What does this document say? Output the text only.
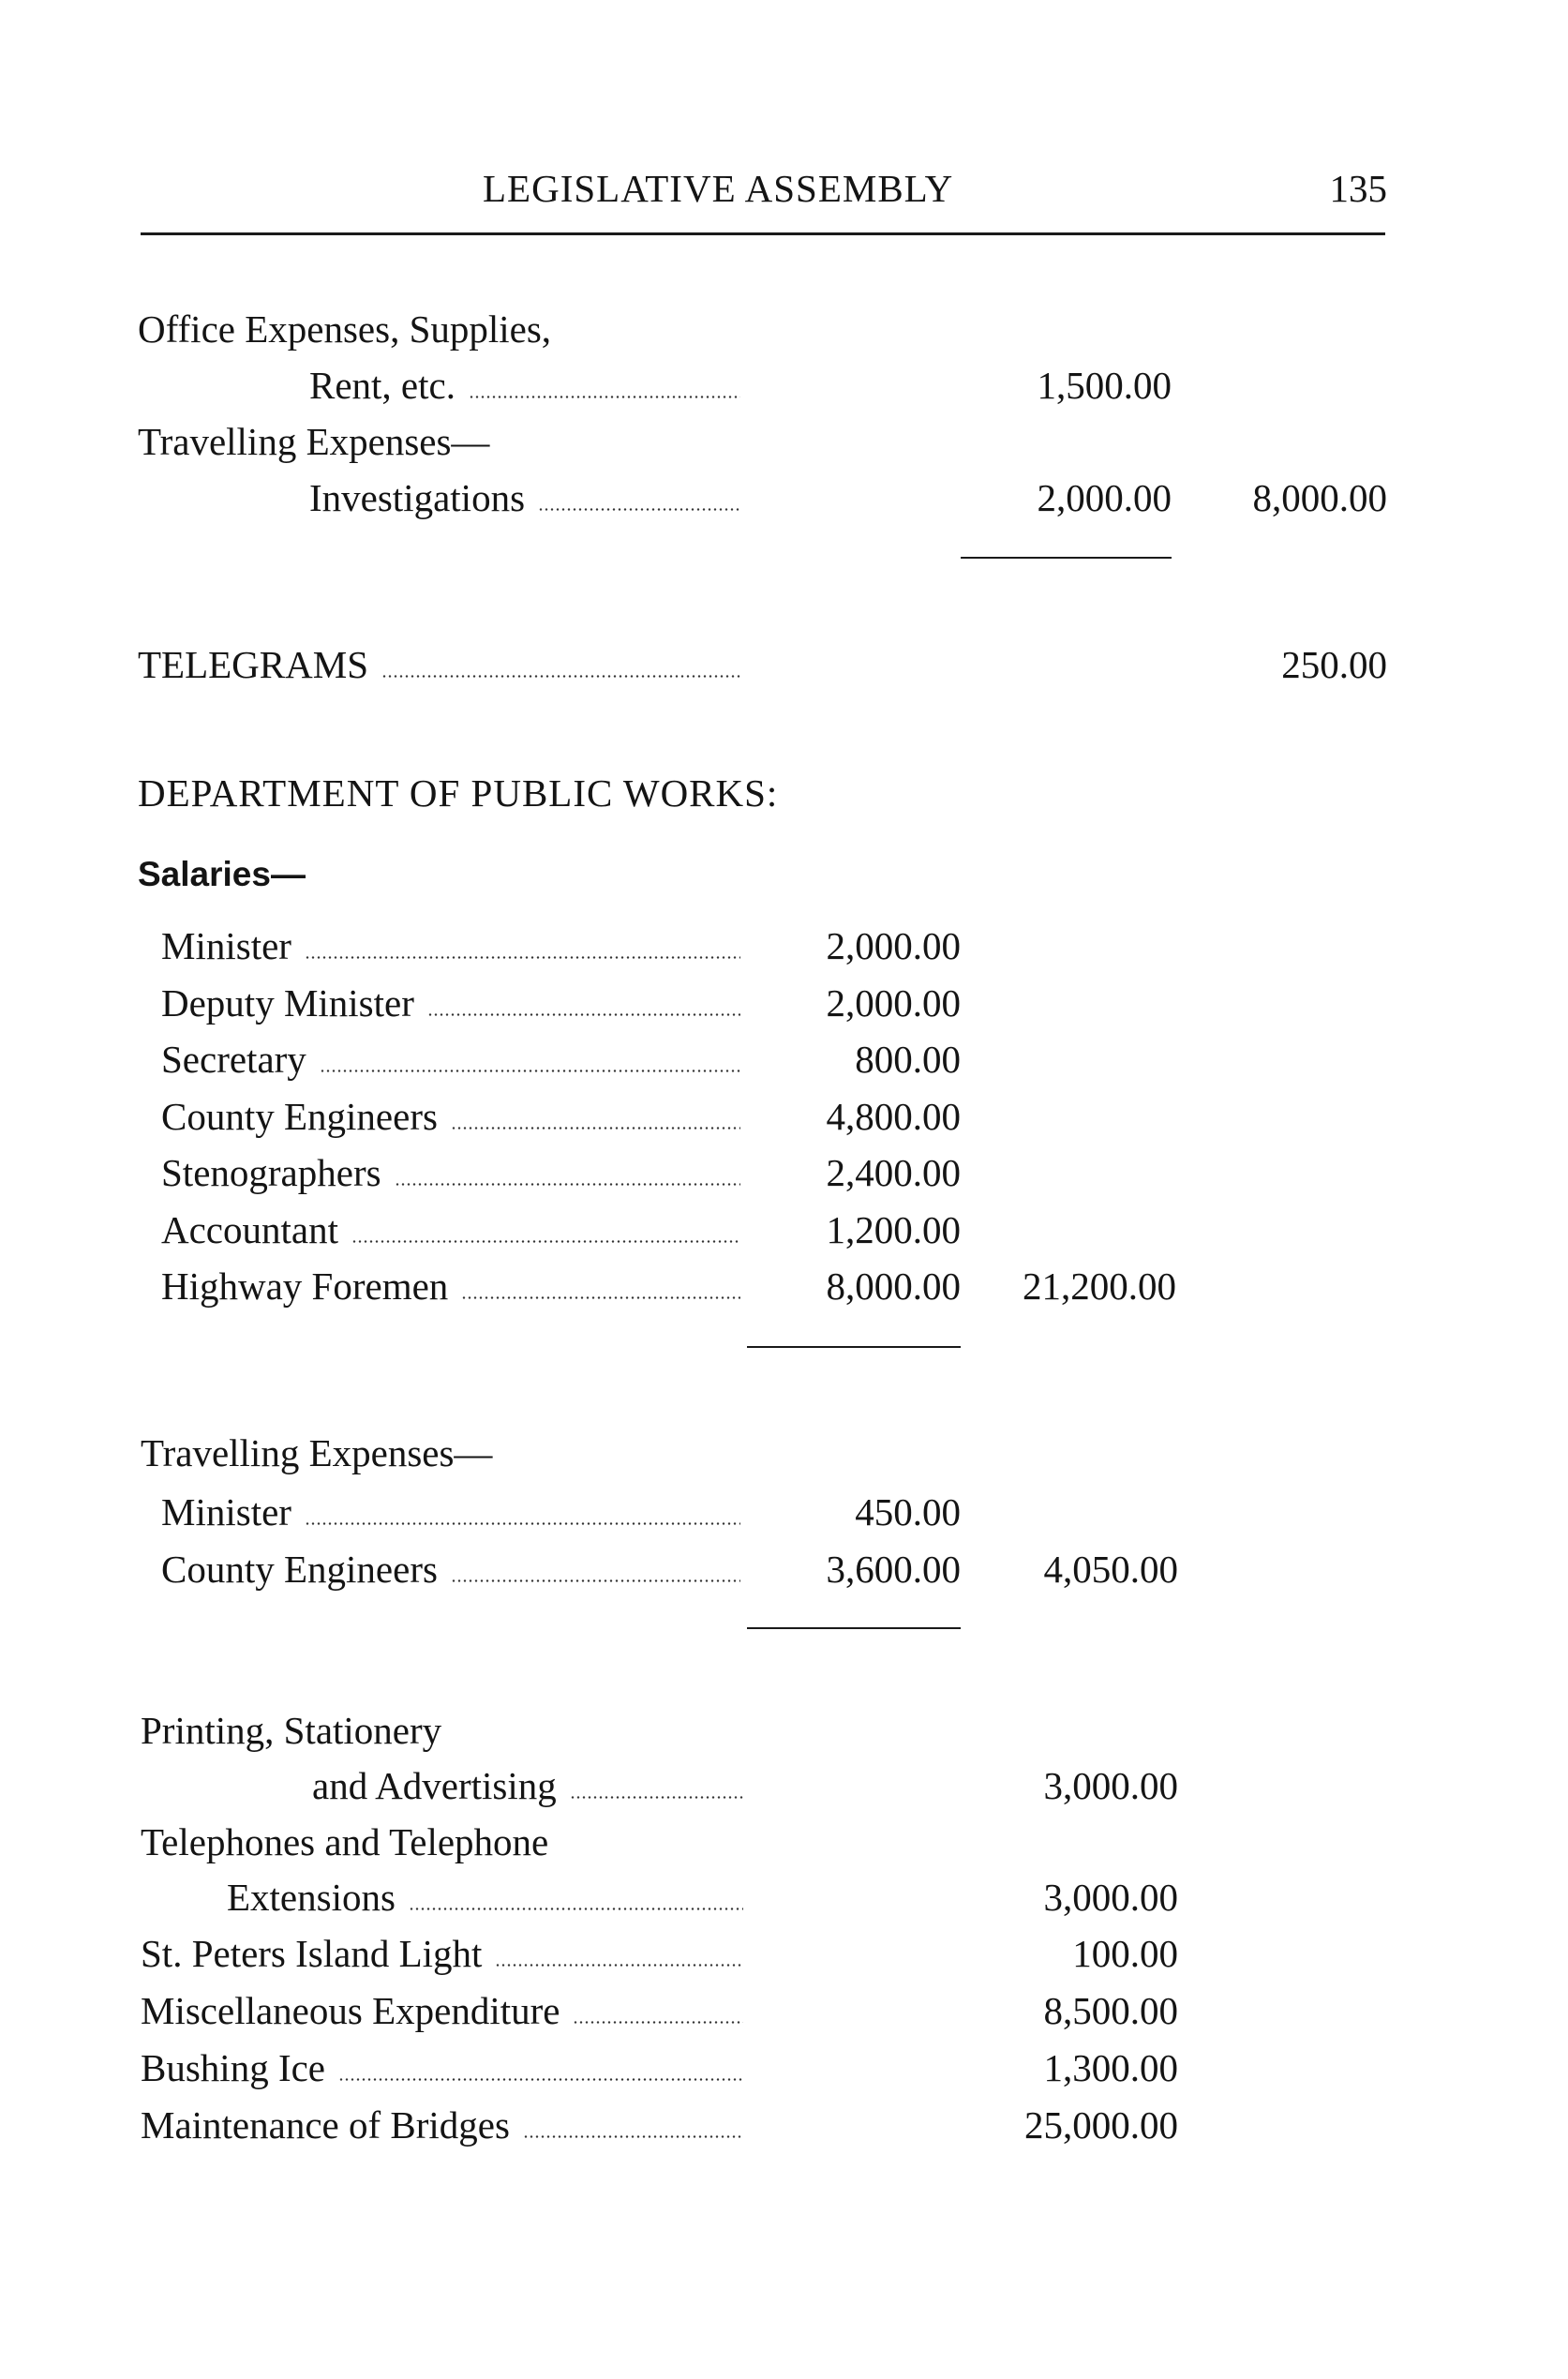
LEGISLATIVE ASSEMBLY	135
Office Expenses, Supplies,
Rent, etc.	1,500.00
Travelling Expenses—
Investigations	2,000.00	8,000.00
TELEGRAMS	250.00
DEPARTMENT OF PUBLIC WORKS:
Salaries—
Minister	2,000.00
Deputy Minister	2,000.00
Secretary	800.00
County Engineers	4,800.00
Stenographers	2,400.00
Accountant	1,200.00
Highway Foremen	8,000.00	21,200.00
Travelling Expenses—
Minister	450.00
County Engineers	3,600.00	4,050.00
Printing, Stationery
and Advertising	3,000.00
Telephones and Telephone
Extensions	3,000.00
St. Peters Island Light	100.00
Miscellaneous Expenditure	8,500.00
Bushing Ice	1,300.00
Maintenance of Bridges	25,000.00
